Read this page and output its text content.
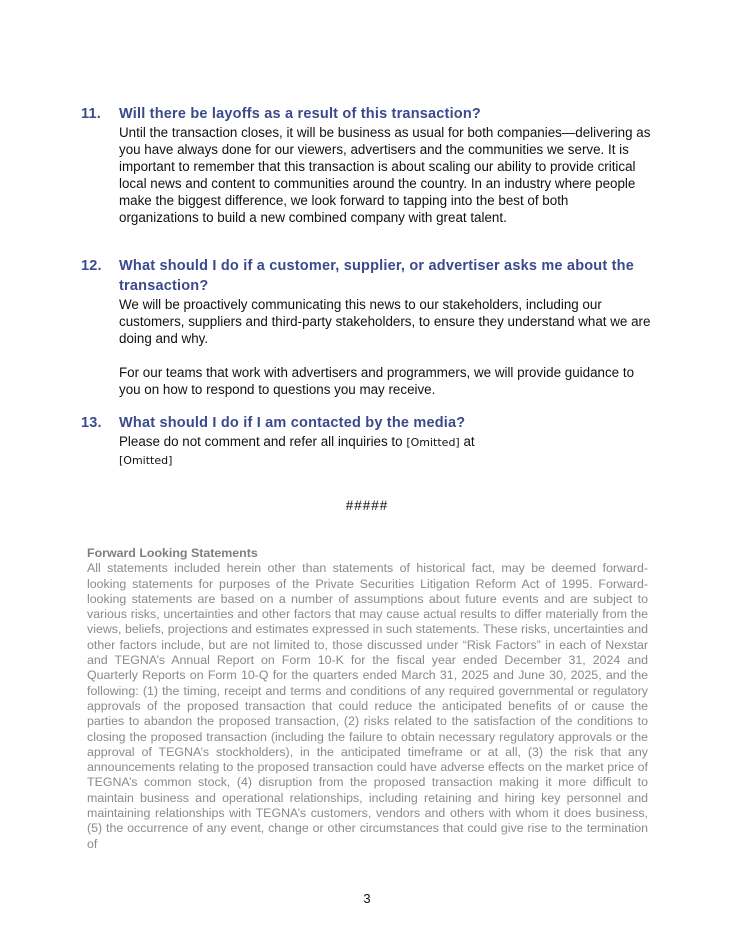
11.	Will there be layoffs as a result of this transaction?

Until the transaction closes, it will be business as usual for both companies—delivering as you have always done for our viewers, advertisers and the communities we serve. It is important to remember that this transaction is about scaling our ability to provide critical local news and content to communities around the country. In an industry where people make the biggest difference, we look forward to tapping into the best of both organizations to build a new combined company with great talent.

12.	What should I do if a customer, supplier, or advertiser asks me about the transaction?

We will be proactively communicating this news to our stakeholders, including our customers, suppliers and third-party stakeholders, to ensure they understand what we are doing and why.

For our teams that work with advertisers and programmers, we will provide guidance to you on how to respond to questions you may receive.

13.	What should I do if I am contacted by the media?

Please do not comment and refer all inquiries to [Omitted] at
[Omitted]

#####
Forward Looking Statements

All statements included herein other than statements of historical fact, may be deemed forward-looking statements for purposes of the Private Securities Litigation Reform Act of 1995. Forward-looking statements are based on a number of assumptions about future events and are subject to various risks, uncertainties and other factors that may cause actual results to differ materially from the views, beliefs, projections and estimates expressed in such statements. These risks, uncertainties and other factors include, but are not limited to, those discussed under “Risk Factors” in each of Nexstar and TEGNA’s Annual Report on Form 10-K for the fiscal year ended December 31, 2024 and Quarterly Reports on Form 10-Q for the quarters ended March 31, 2025 and June 30, 2025, and the following: (1) the timing, receipt and terms and conditions of any required governmental or regulatory approvals of the proposed transaction that could reduce the anticipated benefits of or cause the parties to abandon the proposed transaction, (2) risks related to the satisfaction of the conditions to closing the proposed transaction (including the failure to obtain necessary regulatory approvals or the approval of TEGNA’s stockholders), in the anticipated timeframe or at all, (3) the risk that any announcements relating to the proposed transaction could have adverse effects on the market price of TEGNA’s common stock, (4) disruption from the proposed transaction making it more difficult to maintain business and operational relationships, including retaining and hiring key personnel and maintaining relationships with TEGNA’s customers, vendors and others with whom it does business, (5) the occurrence of any event, change or other circumstances that could give rise to the termination of

3
